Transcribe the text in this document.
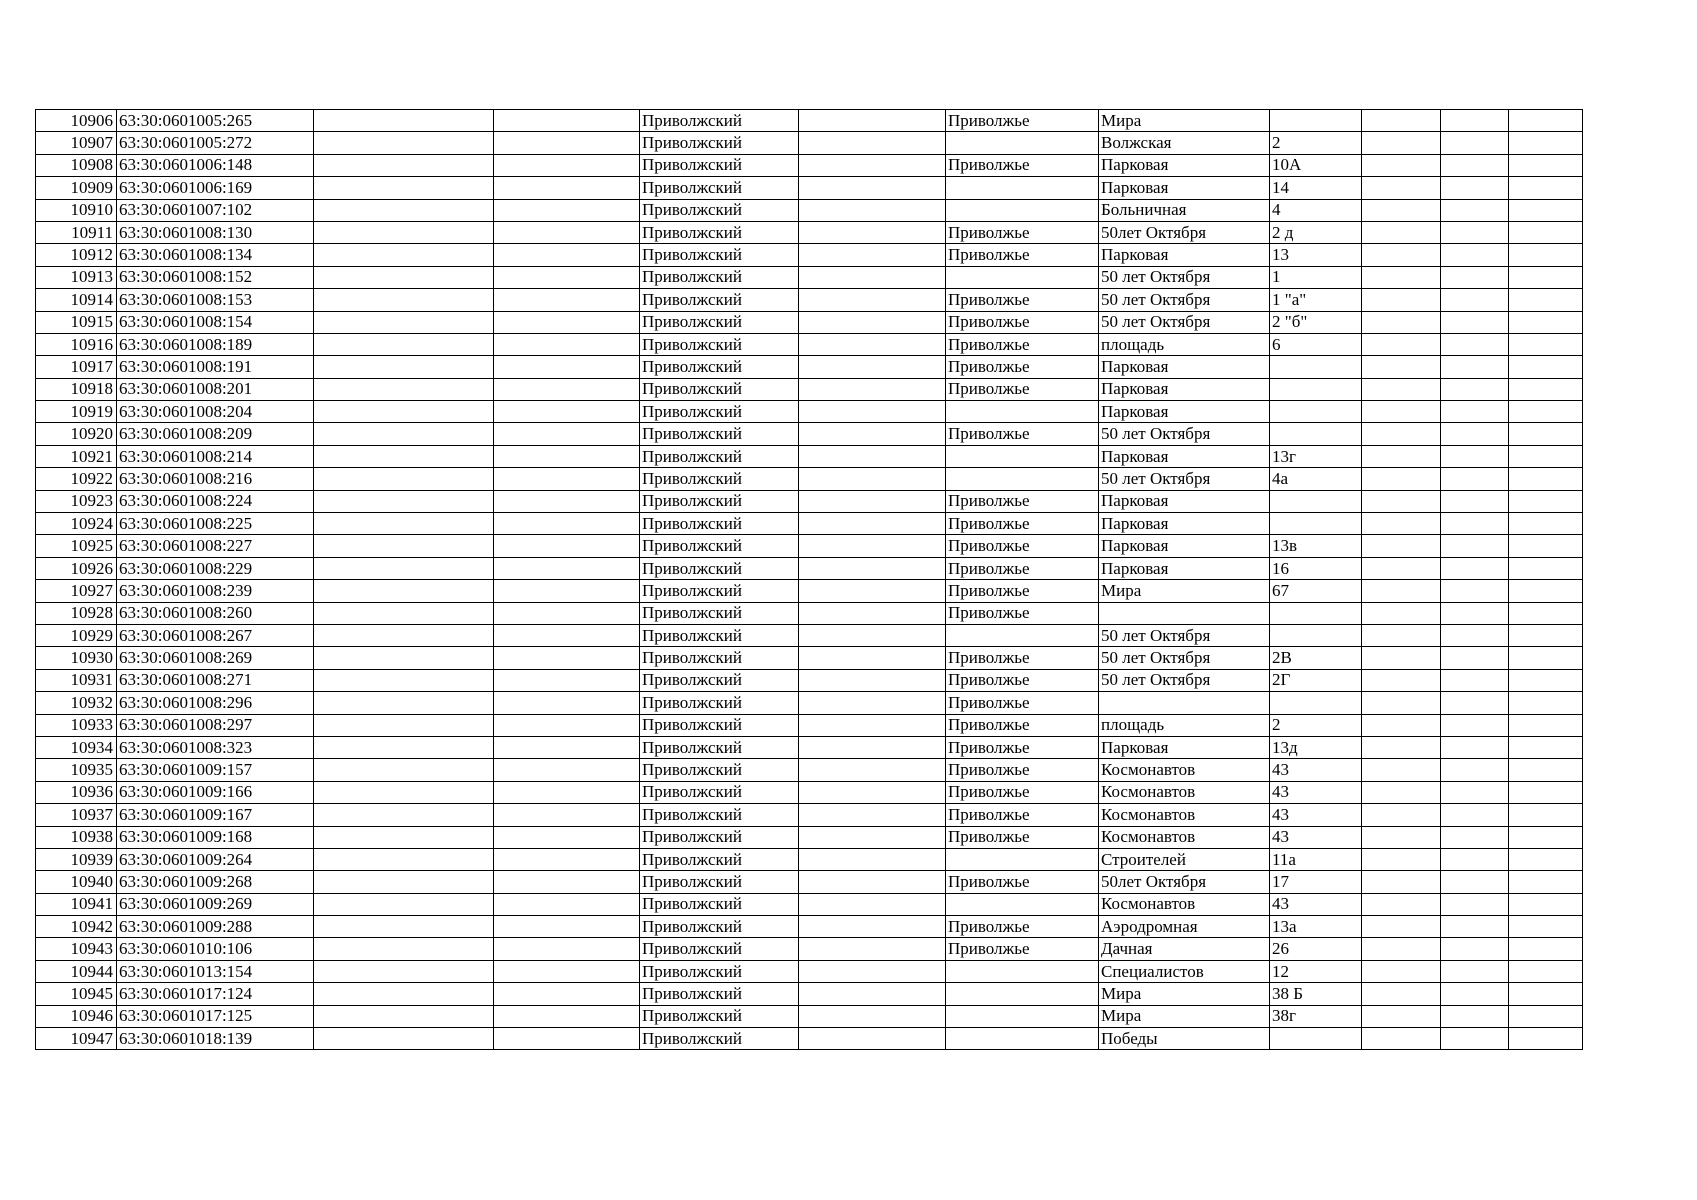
10906	63:30:0601005:265			Приволжский		Приволжье	Мира				
10907	63:30:0601005:272			Приволжский			Волжская	2			
10908	63:30:0601006:148			Приволжский		Приволжье	Парковая	10А			
10909	63:30:0601006:169			Приволжский			Парковая	14			
10910	63:30:0601007:102			Приволжский			Больничная	4			
10911	63:30:0601008:130			Приволжский		Приволжье	50лет Октября	2 д			
10912	63:30:0601008:134			Приволжский		Приволжье	Парковая	13			
10913	63:30:0601008:152			Приволжский			50 лет Октября	1			
10914	63:30:0601008:153			Приволжский		Приволжье	50 лет Октября	1 "а"			
10915	63:30:0601008:154			Приволжский		Приволжье	50 лет Октября	2 "б"			
10916	63:30:0601008:189			Приволжский		Приволжье	площадь	6			
10917	63:30:0601008:191			Приволжский		Приволжье	Парковая				
10918	63:30:0601008:201			Приволжский		Приволжье	Парковая				
10919	63:30:0601008:204			Приволжский			Парковая				
10920	63:30:0601008:209			Приволжский		Приволжье	50 лет Октября				
10921	63:30:0601008:214			Приволжский			Парковая	13г			
10922	63:30:0601008:216			Приволжский			50 лет Октября	4а			
10923	63:30:0601008:224			Приволжский		Приволжье	Парковая				
10924	63:30:0601008:225			Приволжский		Приволжье	Парковая				
10925	63:30:0601008:227			Приволжский		Приволжье	Парковая	13в			
10926	63:30:0601008:229			Приволжский		Приволжье	Парковая	16			
10927	63:30:0601008:239			Приволжский		Приволжье	Мира	67			
10928	63:30:0601008:260			Приволжский		Приволжье					
10929	63:30:0601008:267			Приволжский			50 лет Октября				
10930	63:30:0601008:269			Приволжский		Приволжье	50 лет Октября	2В			
10931	63:30:0601008:271			Приволжский		Приволжье	50 лет Октября	2Г			
10932	63:30:0601008:296			Приволжский		Приволжье					
10933	63:30:0601008:297			Приволжский		Приволжье	площадь	2			
10934	63:30:0601008:323			Приволжский		Приволжье	Парковая	13д			
10935	63:30:0601009:157			Приволжский		Приволжье	Космонавтов	43			
10936	63:30:0601009:166			Приволжский		Приволжье	Космонавтов	43			
10937	63:30:0601009:167			Приволжский		Приволжье	Космонавтов	43			
10938	63:30:0601009:168			Приволжский		Приволжье	Космонавтов	43			
10939	63:30:0601009:264			Приволжский			Строителей	11а			
10940	63:30:0601009:268			Приволжский		Приволжье	50лет Октября	17			
10941	63:30:0601009:269			Приволжский			Космонавтов	43			
10942	63:30:0601009:288			Приволжский		Приволжье	Аэродромная	13а			
10943	63:30:0601010:106			Приволжский		Приволжье	Дачная	26			
10944	63:30:0601013:154			Приволжский			Специалистов	12			
10945	63:30:0601017:124			Приволжский			Мира	38 Б			
10946	63:30:0601017:125			Приволжский			Мира	38г			
10947	63:30:0601018:139			Приволжский			Победы				
